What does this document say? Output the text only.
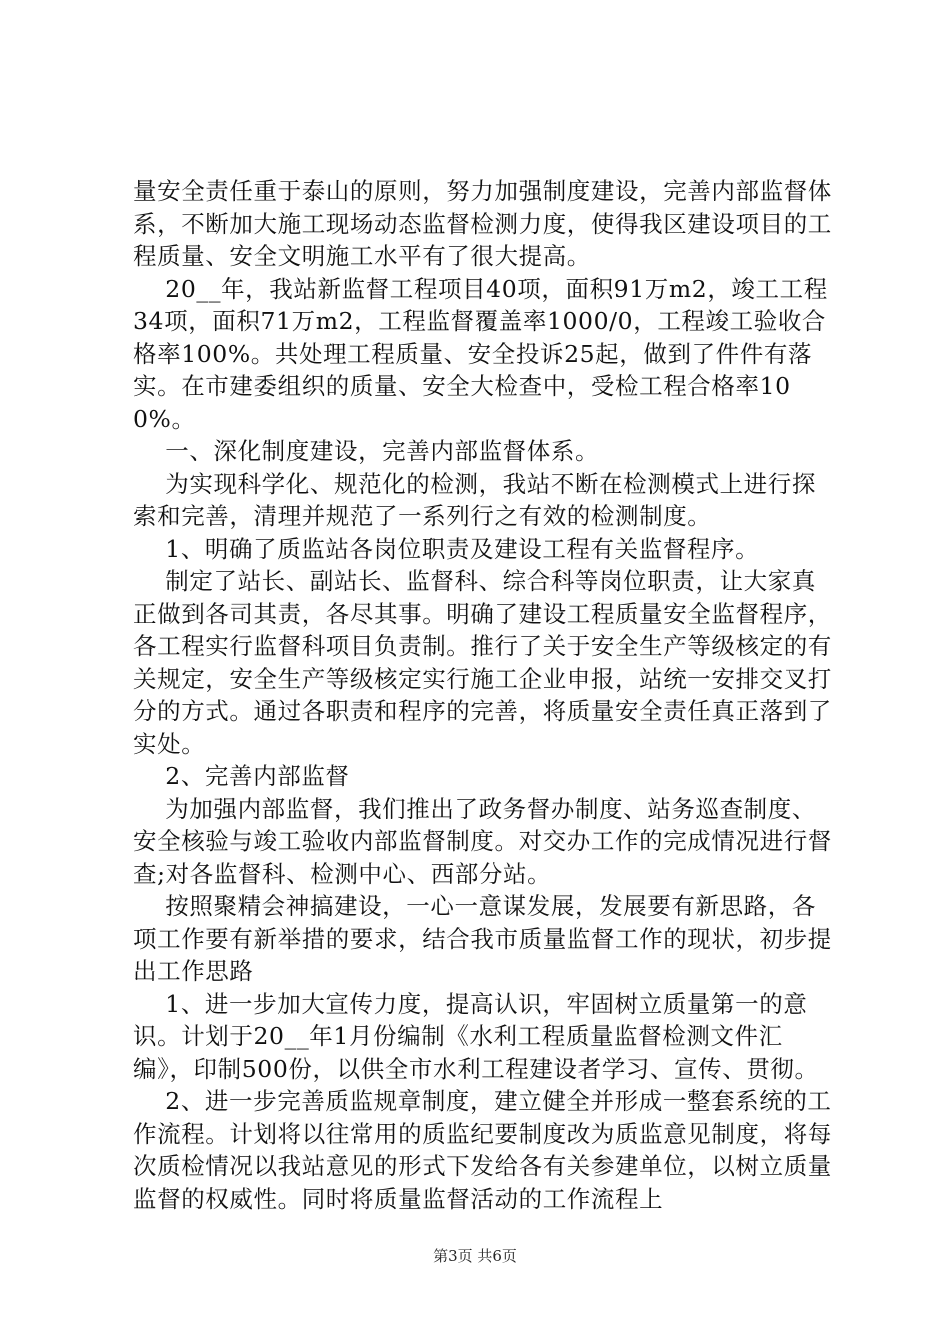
量安全责任重于泰山的原则，努力加强制度建设，完善内部监督体系，不断加大施工现场动态监督检测力度，使得我区建设项目的工程质量、安全文明施工水平有了很大提高。

20__年，我站新监督工程项目40项，面积91万m2，竣工工程34项，面积71万m2，工程监督覆盖率1000/0，工程竣工验收合格率100%。共处理工程质量、安全投诉25起，做到了件件有落实。在市建委组织的质量、安全大检查中，受检工程合格率100%。

一、深化制度建设，完善内部监督体系。

为实现科学化、规范化的检测，我站不断在检测模式上进行探索和完善，清理并规范了一系列行之有效的检测制度。

1、明确了质监站各岗位职责及建设工程有关监督程序。

制定了站长、副站长、监督科、综合科等岗位职责，让大家真正做到各司其责，各尽其事。明确了建设工程质量安全监督程序，各工程实行监督科项目负责制。推行了关于安全生产等级核定的有关规定，安全生产等级核定实行施工企业申报，站统一安排交叉打分的方式。通过各职责和程序的完善，将质量安全责任真正落到了实处。

2、完善内部监督

为加强内部监督，我们推出了政务督办制度、站务巡查制度、安全核验与竣工验收内部监督制度。对交办工作的完成情况进行督查;对各监督科、检测中心、西部分站。

按照聚精会神搞建设，一心一意谋发展，发展要有新思路，各项工作要有新举措的要求，结合我市质量监督工作的现状，初步提出工作思路

1、进一步加大宣传力度，提高认识，牢固树立质量第一的意识。计划于20__年1月份编制《水利工程质量监督检测文件汇编》，印制500份，以供全市水利工程建设者学习、宣传、贯彻。

2、进一步完善质监规章制度，建立健全并形成一整套系统的工作流程。计划将以往常用的质监纪要制度改为质监意见制度，将每次质检情况以我站意见的形式下发给各有关参建单位，以树立质量监督的权威性。同时将质量监督活动的工作流程上

第3页 共6页
